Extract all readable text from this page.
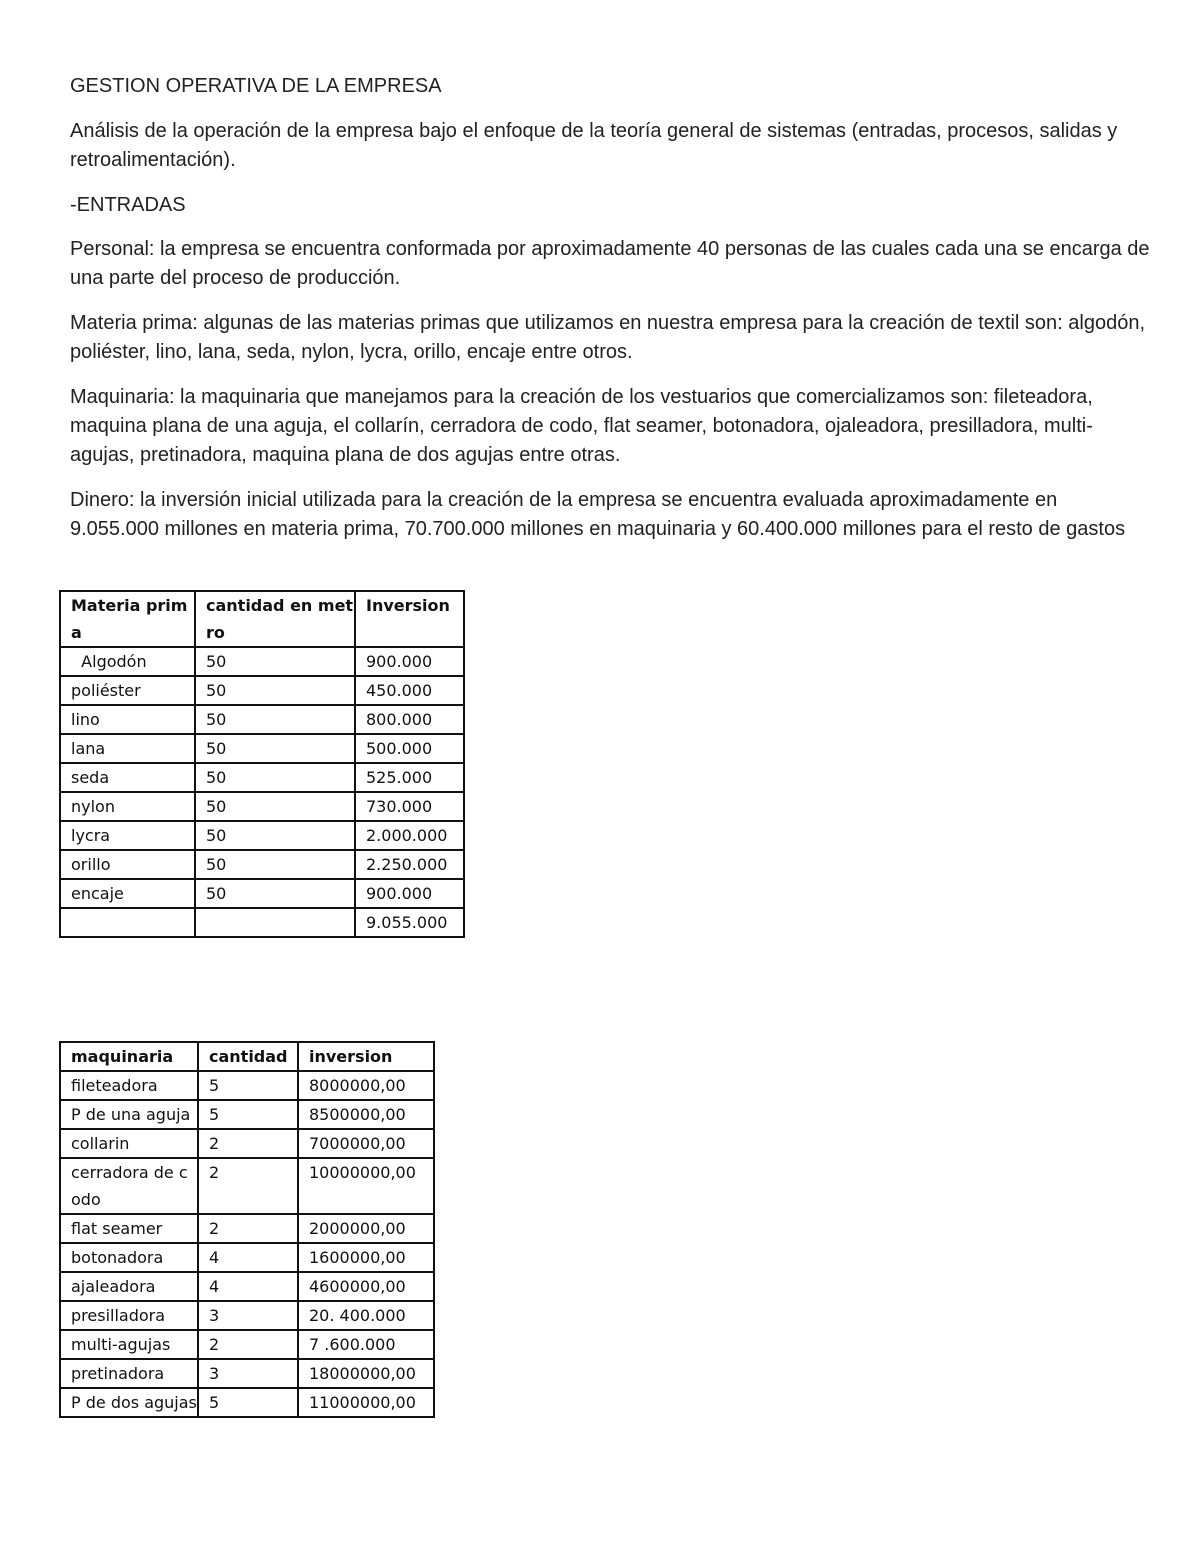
GESTION OPERATIVA DE LA EMPRESA

Análisis de la operación de la empresa bajo el enfoque de la teoría general de sistemas (entradas, procesos, salidas y retroalimentación).

-ENTRADAS

Personal: la empresa se encuentra conformada por aproximadamente 40 personas de las cuales cada una se encarga de una parte del proceso de producción.

Materia prima: algunas de las materias primas que utilizamos en nuestra empresa para la creación de textil son: algodón, poliéster, lino, lana, seda, nylon, lycra, orillo, encaje entre otros.

Maquinaria: la maquinaria que manejamos para la creación de los vestuarios que comercializamos son: fileteadora, maquina plana de una aguja, el collarín, cerradora de codo, flat seamer, botonadora, ojaleadora, presilladora, multi-agujas, pretinadora, maquina plana de dos agujas entre otras.

Dinero: la inversión inicial utilizada para la creación de la empresa se encuentra evaluada aproximadamente en 9.055.000 millones en materia prima, 70.700.000 millones en maquinaria y 60.400.000 millones para el resto de gastos

Materia prima	cantidad en metro	Inversion
Algodón	50	900.000
poliéster	50	450.000
lino	50	800.000
lana	50	500.000
seda	50	525.000
nylon	50	730.000
lycra	50	2.000.000
orillo	50	2.250.000
encaje	50	900.000
		9.055.000
maquinaria	cantidad	inversion
fileteadora	5	8000000,00
P de una aguja	5	8500000,00
collarin	2	7000000,00
cerradora de codo	2	10000000,00
flat seamer	2	2000000,00
botonadora	4	1600000,00
ajaleadora	4	4600000,00
presilladora	3	20. 400.000
multi-agujas	2	7 .600.000
pretinadora	3	18000000,00
P de dos agujas	5	11000000,00
